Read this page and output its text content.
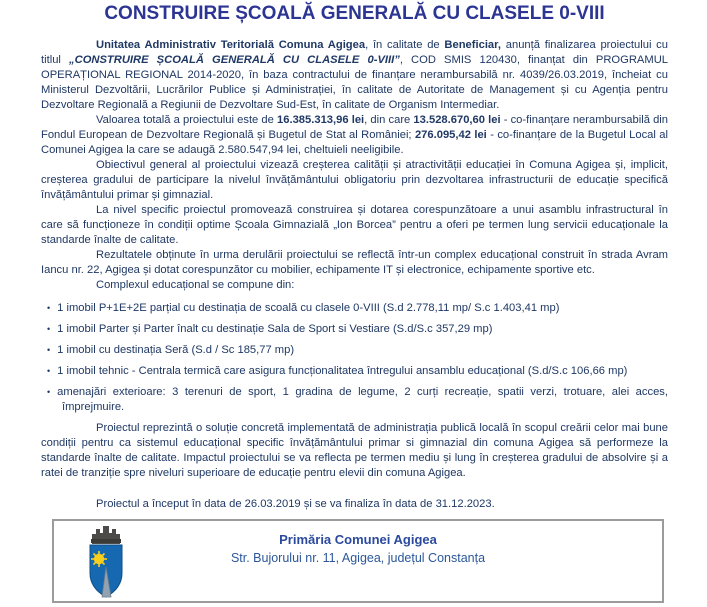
CONSTRUIRE ȘCOALĂ GENERALĂ CU CLASELE 0-VIII

Unitatea Administrativ Teritorială Comuna Agigea, în calitate de Beneficiar, anunță finalizarea proiectului cu titlul „CONSTRUIRE ȘCOALĂ GENERALĂ CU CLASELE 0-VIII”, COD SMIS 120430, finanțat din PROGRAMUL OPERAȚIONAL REGIONAL 2014-2020, în baza contractului de finanțare nerambursabilă nr. 4039/26.03.2019, încheiat cu Ministerul Dezvoltării, Lucrărilor Publice și Administrației, în calitate de Autoritate de Management și cu Agenția pentru Dezvoltare Regională a Regiunii de Dezvoltare Sud-Est, în calitate de Organism Intermediar.

Valoarea totală a proiectului este de 16.385.313,96 lei, din care 13.528.670,60 lei - co-finanțare nerambursabilă din Fondul European de Dezvoltare Regională și Bugetul de Stat al României; 276.095,42 lei - co-finanțare de la Bugetul Local al Comunei Agigea la care se adaugă 2.580.547,94 lei, cheltuieli neeligibile.

Obiectivul general al proiectului vizează creșterea calității și atractivității educației în Comuna Agigea și, implicit, creșterea gradului de participare la nivelul învățământului obligatoriu prin dezvoltarea infrastructurii de educație specifică învățământului primar și gimnazial.

La nivel specific proiectul promovează construirea și dotarea corespunzătoare a unui asamblu infrastructural în care să funcționeze în condiții optime Școala Gimnazială „Ion Borcea” pentru a oferi pe termen lung servicii educaționale la standarde înalte de calitate.

Rezultatele obținute în urma derulării proiectului se reflectă într-un complex educațional construit în strada Avram Iancu nr. 22, Agigea și dotat corespunzător cu mobilier, echipamente IT și electronice, echipamente sportive etc.

Complexul educațional se compune din:

• 1 imobil P+1E+2E parțial cu destinația de scoală cu clasele 0-VIII (S.d 2.778,11 mp/ S.c 1.403,41 mp)
• 1 imobil Parter și Parter înalt cu destinație Sala de Sport si Vestiare (S.d/S.c 357,29 mp)
• 1 imobil cu destinația Seră (S.d / Sc 185,77 mp)
• 1 imobil tehnic - Centrala termică care asigura funcționalitatea întregului ansamblu educațional (S.d/S.c 106,66 mp)
• amenajări exterioare: 3 terenuri de sport, 1 gradina de legume, 2 curți recreație, spatii verzi, trotuare, alei acces, împrejmuire.

Proiectul reprezintă o soluție concretă implementată de administrația publică locală în scopul creării celor mai bune condiții pentru ca sistemul educațional specific învățământului primar si gimnazial din comuna Agigea să performeze la standarde înalte de calitate. Impactul proiectului se va reflecta pe termen mediu și lung în creșterea gradului de absolvire și a ratei de tranziție spre niveluri superioare de educație pentru elevii din comuna Agigea.

Proiectul a început în data de 26.03.2019 și se va finaliza în data de 31.12.2023.

Primăria Comunei Agigea
Str. Bujorului nr. 11, Agigea, județul Constanța
